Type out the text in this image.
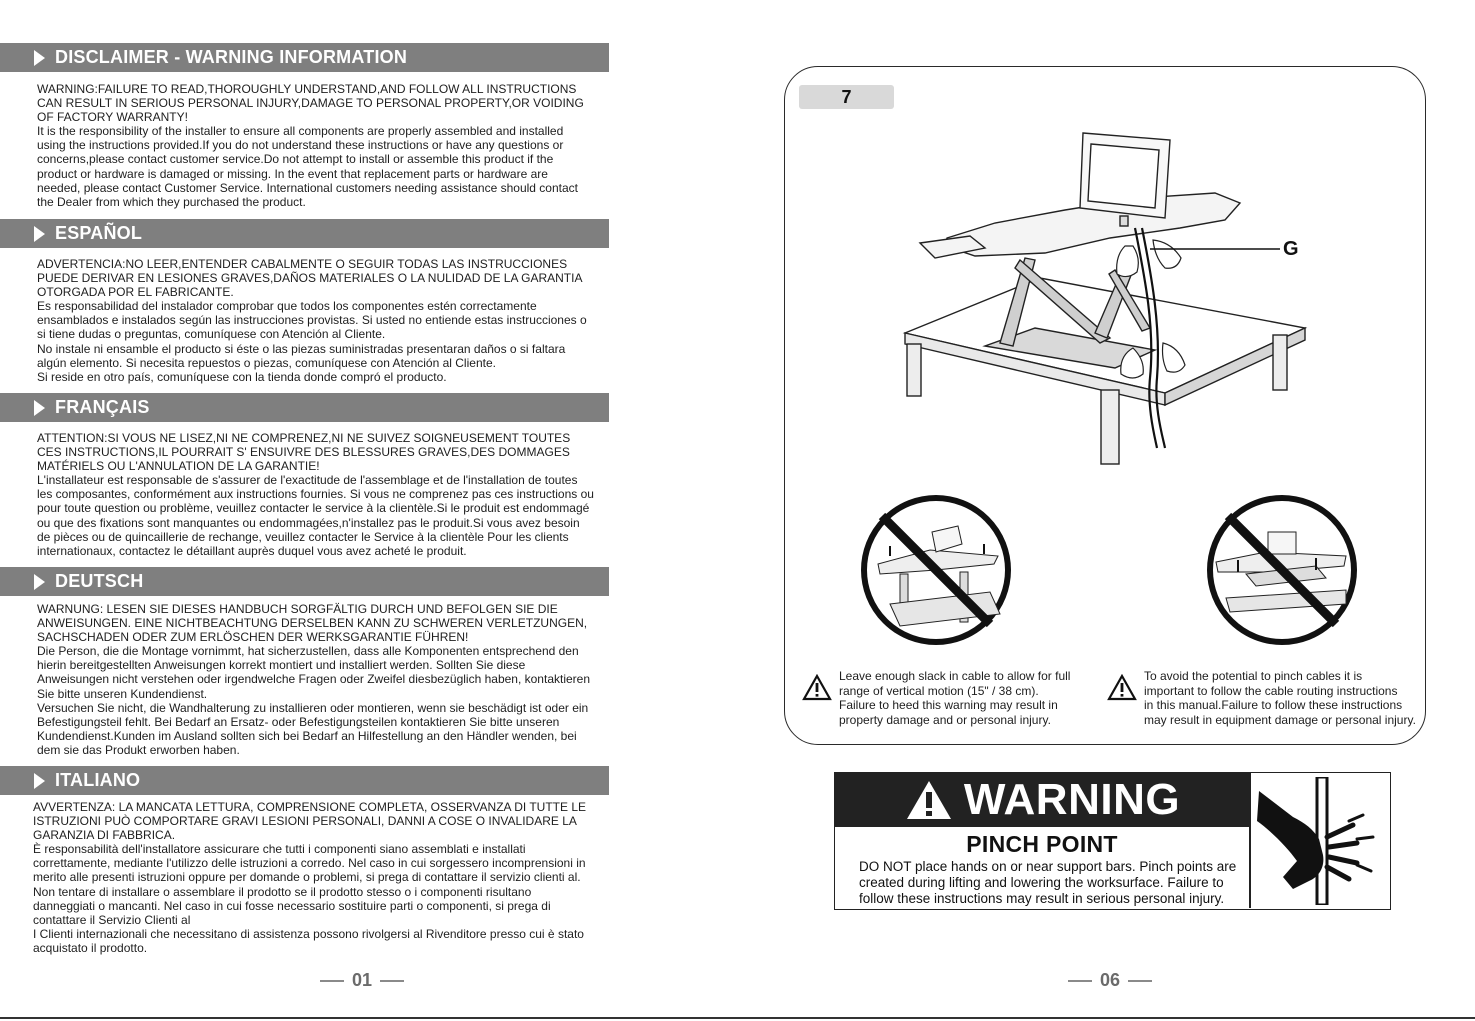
DISCLAIMER - WARNING INFORMATION

WARNING:FAILURE TO READ,THOROUGHLY UNDERSTAND,AND FOLLOW ALL INSTRUCTIONS

CAN RESULT IN SERIOUS PERSONAL INJURY,DAMAGE TO PERSONAL PROPERTY,OR VOIDING

OF FACTORY WARRANTY!

It is the responsibility of the installer to ensure all components are properly assembled and installed

using the instructions provided.If you do not understand these instructions or have any questions or

concerns,please contact customer service.Do not attempt to install or assemble this product if the

product or hardware is damaged or missing. In the event that replacement parts or hardware are

needed, please contact Customer Service. International customers needing assistance should contact

the Dealer from which they purchased the product.

ESPAÑOL

ADVERTENCIA:NO LEER,ENTENDER CABALMENTE O SEGUIR TODAS LAS INSTRUCCIONES

PUEDE DERIVAR EN LESIONES GRAVES,DAÑOS MATERIALES O LA NULIDAD DE LA GARANTIA

OTORGADA POR EL FABRICANTE.

Es responsabilidad del instalador comprobar que todos los componentes estén correctamente

ensamblados e instalados según las instrucciones provistas. Si usted no entiende estas instrucciones o

si tiene dudas o preguntas, comuníquese con Atención al Cliente.

No instale ni ensamble el producto si éste o las piezas suministradas presentaran daños o si faltara

algún elemento. Si necesita repuestos o piezas, comuníquese con Atención al Cliente.

Si reside en otro país, comuníquese con la tienda donde compró el producto.

FRANÇAIS

ATTENTION:SI VOUS NE LISEZ,NI NE COMPRENEZ,NI NE SUIVEZ SOIGNEUSEMENT TOUTES

CES INSTRUCTIONS,IL POURRAIT S' ENSUIVRE DES BLESSURES GRAVES,DES DOMMAGES

MATÉRIELS OU L'ANNULATION DE LA GARANTIE!

L'installateur est responsable de s'assurer de l'exactitude de l'assemblage et de l'installation de toutes

les composantes, conformément aux instructions fournies. Si vous ne comprenez pas ces instructions ou

pour toute question ou problème, veuillez contacter le service à la clientèle.Si le produit est endommagé

ou que des fixations sont manquantes ou endommagées,n'installez pas le produit.Si vous avez besoin

de pièces ou de quincaillerie de rechange, veuillez contacter le Service à la clientèle Pour les clients

internationaux, contactez le détaillant auprès duquel vous avez acheté le produit.

DEUTSCH

WARNUNG: LESEN SIE DIESES HANDBUCH SORGFÄLTIG DURCH UND BEFOLGEN SIE DIE

ANWEISUNGEN. EINE NICHTBEACHTUNG DERSELBEN KANN ZU SCHWEREN VERLETZUNGEN,

SACHSCHADEN ODER ZUM ERLÖSCHEN DER WERKSGARANTIE FÜHREN!

Die Person, die die Montage vornimmt, hat sicherzustellen, dass alle Komponenten entsprechend den

hierin bereitgestellten Anweisungen korrekt montiert und installiert werden. Sollten Sie diese

Anweisungen nicht verstehen oder irgendwelche Fragen oder Zweifel diesbezüglich haben, kontaktieren

Sie bitte unseren Kundendienst.

Versuchen Sie nicht, die Wandhalterung zu installieren oder montieren, wenn sie beschädigt ist oder ein

Befestigungsteil fehlt. Bei Bedarf an Ersatz- oder Befestigungsteilen kontaktieren Sie bitte unseren

Kundendienst.Kunden im Ausland sollten sich bei Bedarf an Hilfestellung an den Händler wenden, bei

dem sie das Produkt erworben haben.

ITALIANO

AVVERTENZA: LA MANCATA LETTURA, COMPRENSIONE COMPLETA, OSSERVANZA DI TUTTE LE

ISTRUZIONI PUÒ COMPORTARE GRAVI LESIONI PERSONALI, DANNI A COSE O INVALIDARE LA

GARANZIA DI FABBRICA.

È responsabilità dell'installatore assicurare che tutti i componenti siano assemblati e installati

correttamente, mediante l'utilizzo delle istruzioni a corredo. Nel caso in cui sorgessero incomprensioni in

merito alle presenti istruzioni oppure per domande o problemi, si prega di contattare il servizio clienti al.

Non tentare di installare o assemblare il prodotto se il prodotto stesso o i componenti risultano

danneggiati o mancanti. Nel caso in cui fosse necessario sostituire parti o componenti, si prega di

contattare il Servizio Clienti al

I Clienti internazionali che necessitano di assistenza possono rivolgersi al Rivenditore presso cui è stato

acquistato il prodotto.

01
7
G

Leave enough slack in cable to allow for full

range of vertical motion (15" / 38 cm).

Failure to heed this warning may result in

property damage and or personal injury.

To avoid the potential to pinch cables it is

important to follow the cable routing instructions

in this manual.Failure to follow these instructions

may result in equipment damage or personal injury.

WARNING
PINCH POINT

DO NOT place hands on or near support bars. Pinch points are

created during lifting and lowering the worksurface. Failure to

follow these instructions may result in serious personal injury.

06
